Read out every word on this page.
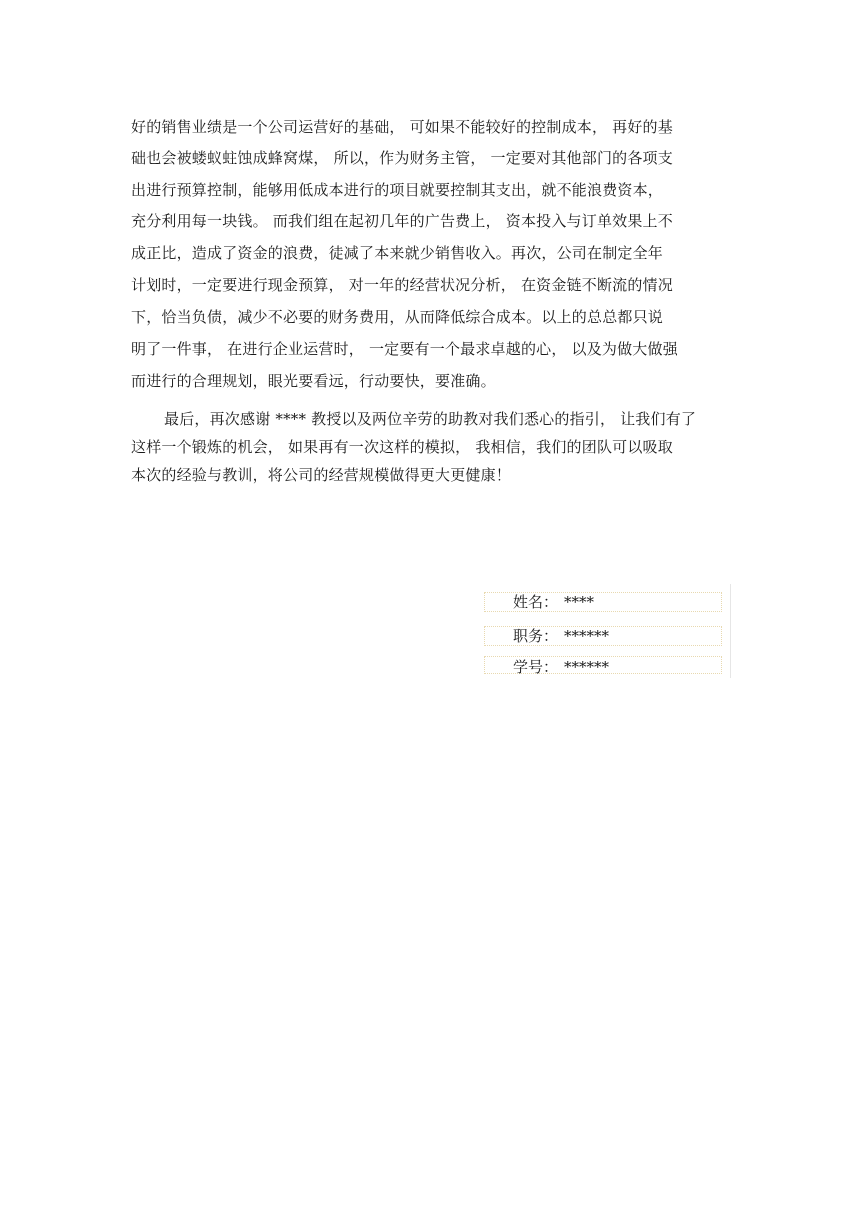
好的销售业绩是一个公司运营好的基础， 可如果不能较好的控制成本， 再好的基
础也会被蝼蚁蛀蚀成蜂窝煤， 所以，作为财务主管， 一定要对其他部门的各项支
出进行预算控制，能够用低成本进行的项目就要控制其支出，就不能浪费资本，
充分利用每一块钱。 而我们组在起初几年的广告费上， 资本投入与订单效果上不
成正比，造成了资金的浪费，徒减了本来就少销售收入。再次，公司在制定全年
计划时，一定要进行现金预算， 对一年的经营状况分析， 在资金链不断流的情况
下，恰当负债，减少不必要的财务费用，从而降低综合成本。以上的总总都只说
明了一件事， 在进行企业运营时， 一定要有一个最求卓越的心， 以及为做大做强
而进行的合理规划，眼光要看远，行动要快，要准确。
最后，再次感谢 **** 教授以及两位辛劳的助教对我们悉心的指引， 让我们有了
这样一个锻炼的机会， 如果再有一次这样的模拟， 我相信，我们的团队可以吸取
本次的经验与教训，将公司的经营规模做得更大更健康！
姓名： ****
职务： ******
学号： ******
